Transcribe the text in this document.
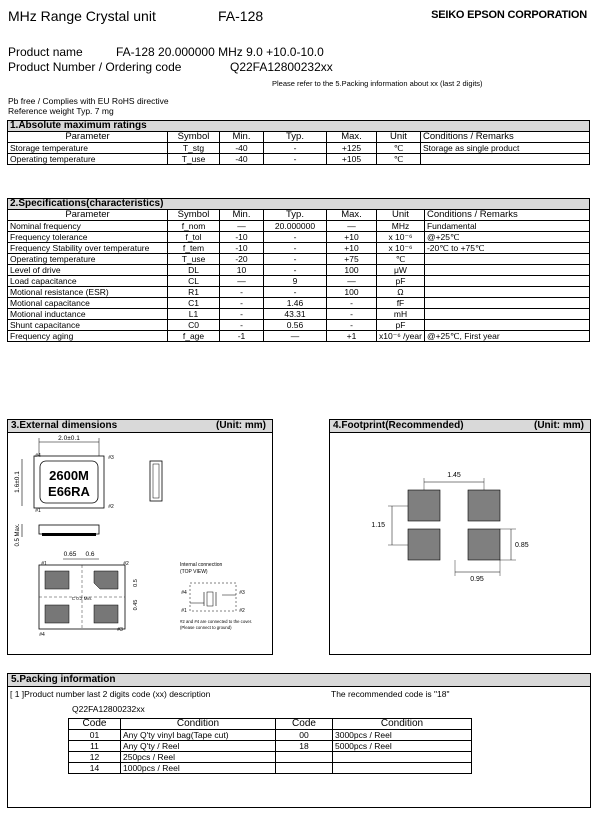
MHz Range Crystal unit	FA-128	SEIKO EPSON CORPORATION
Product name	FA-128 20.000000 MHz 9.0 +10.0-10.0
Product Number / Ordering code	Q22FA12800232xx
Please refer to the 5.Packing information about xx (last 2 digits)
Pb free / Complies with EU RoHS directive
Reference weight Typ. 7 mg
1.Absolute maximum ratings						
Parameter	Symbol	Min.	Typ.	Max.	Unit	Conditions / Remarks
Storage temperature	T_stg	-40	-	+125	℃	Storage as single product
Operating temperature	T_use	-40	-	+105	℃	
2.Specifications(characteristics)						
Parameter	Symbol	Min.	Typ.	Max.	Unit	Conditions / Remarks
Nominal frequency	f_nom	—	20.000000	—	MHz	Fundamental
Frequency tolerance	f_tol	-10	-	+10	x 10⁻⁶	@+25℃
Frequency Stability over temperature	f_tem	-10	-	+10	x 10⁻⁶	-20℃ to +75℃
Operating temperature	T_use	-20	-	+75	℃	
Level of drive	DL	10	-	100	μW	
Load capacitance	CL	—	9	—	pF	
Motional resistance (ESR)	R1	-	-	100	Ω	
Motional capacitance	C1	-	1.46	-	fF	
Motional inductance	L1	-	43.31	-	mH	
Shunt capacitance	C0	-	0.56	-	pF	
Frequency aging	f_age	-1	—	+1	x10⁻⁶ /year	@+25℃, First year
3.External dimensions	(Unit: mm)
2.0±0.1
1.6±0.1 2600M
E66RA
#4	#3
#1
#2
0.5 Max.
0.65 0.6
C 0.2 Min.
#1	#2
#4
#3
0.5
0.45
Internal connection
(TOP VIEW)
#4	#3
#1	#2
#2 and #4 are connected to the cover.
(Please connect to ground)
4.Footprint(Recommended)	(Unit: mm)
1.45
1.15
0.85
0.95
5.Packing information
[ 1 ]Product number last 2 digits code (xx) description	The recommended code is "18"
Q22FA12800232xx
Code	Condition	Code	Condition
01	Any Q'ty vinyl bag(Tape cut)	00	3000pcs / Reel
11	Any Q'ty / Reel	18	5000pcs / Reel
12	250pcs / Reel		
14	1000pcs / Reel		
